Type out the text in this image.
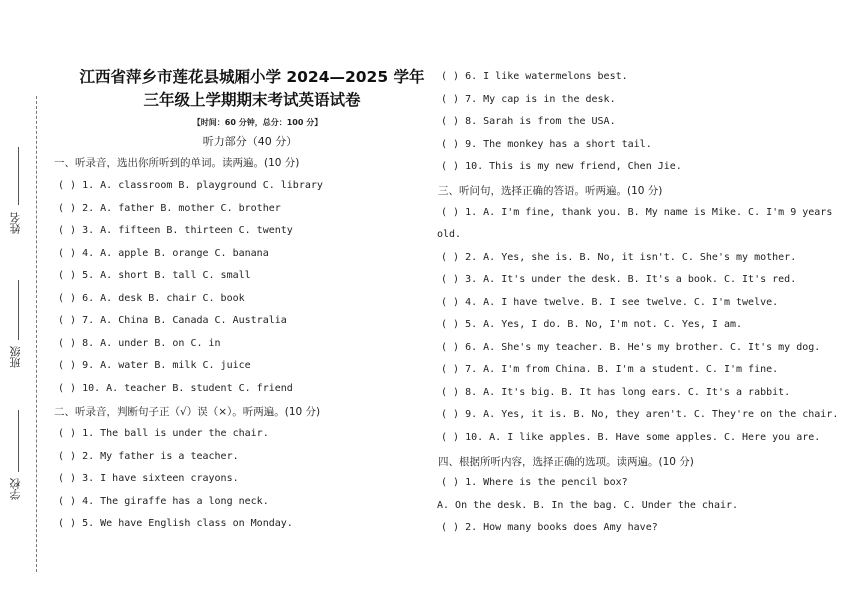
姓名
班级
学校
江西省萍乡市莲花县城厢小学 2024—2025 学年三年级上学期期末考试英语试卷
【时间：60 分钟，总分：100 分】
听力部分（40 分）
一、听录音，选出你所听到的单词。读两遍。(10 分)
( ) 1. A. classroom B. playground C. library
( ) 2. A. father B. mother C. brother
( ) 3. A. fifteen B. thirteen C. twenty
( ) 4. A. apple B. orange C. banana
( ) 5. A. short B. tall C. small
( ) 6. A. desk B. chair C. book
( ) 7. A. China B. Canada C. Australia
( ) 8. A. under B. on C. in
( ) 9. A. water B. milk C. juice
( ) 10. A. teacher B. student C. friend
二、听录音，判断句子正（√）误（×）。听两遍。(10 分)
( ) 1. The ball is under the chair.
( ) 2. My father is a teacher.
( ) 3. I have sixteen crayons.
( ) 4. The giraffe has a long neck.
( ) 5. We have English class on Monday.
( ) 6. I like watermelons best.
( ) 7. My cap is in the desk.
( ) 8. Sarah is from the USA.
( ) 9. The monkey has a short tail.
( ) 10. This is my new friend, Chen Jie.
三、听问句，选择正确的答语。听两遍。(10 分)
( ) 1. A. I'm fine, thank you. B. My name is Mike. C. I'm 9 years
old.
( ) 2. A. Yes, she is. B. No, it isn't. C. She's my mother.
( ) 3. A. It's under the desk. B. It's a book. C. It's red.
( ) 4. A. I have twelve. B. I see twelve. C. I'm twelve.
( ) 5. A. Yes, I do. B. No, I'm not. C. Yes, I am.
( ) 6. A. She's my teacher. B. He's my brother. C. It's my dog.
( ) 7. A. I'm from China. B. I'm a student. C. I'm fine.
( ) 8. A. It's big. B. It has long ears. C. It's a rabbit.
( ) 9. A. Yes, it is. B. No, they aren't. C. They're on the chair.
( ) 10. A. I like apples. B. Have some apples. C. Here you are.
四、根据所听内容，选择正确的选项。读两遍。(10 分)
( ) 1. Where is the pencil box?
A. On the desk. B. In the bag. C. Under the chair.
( ) 2. How many books does Amy have?
